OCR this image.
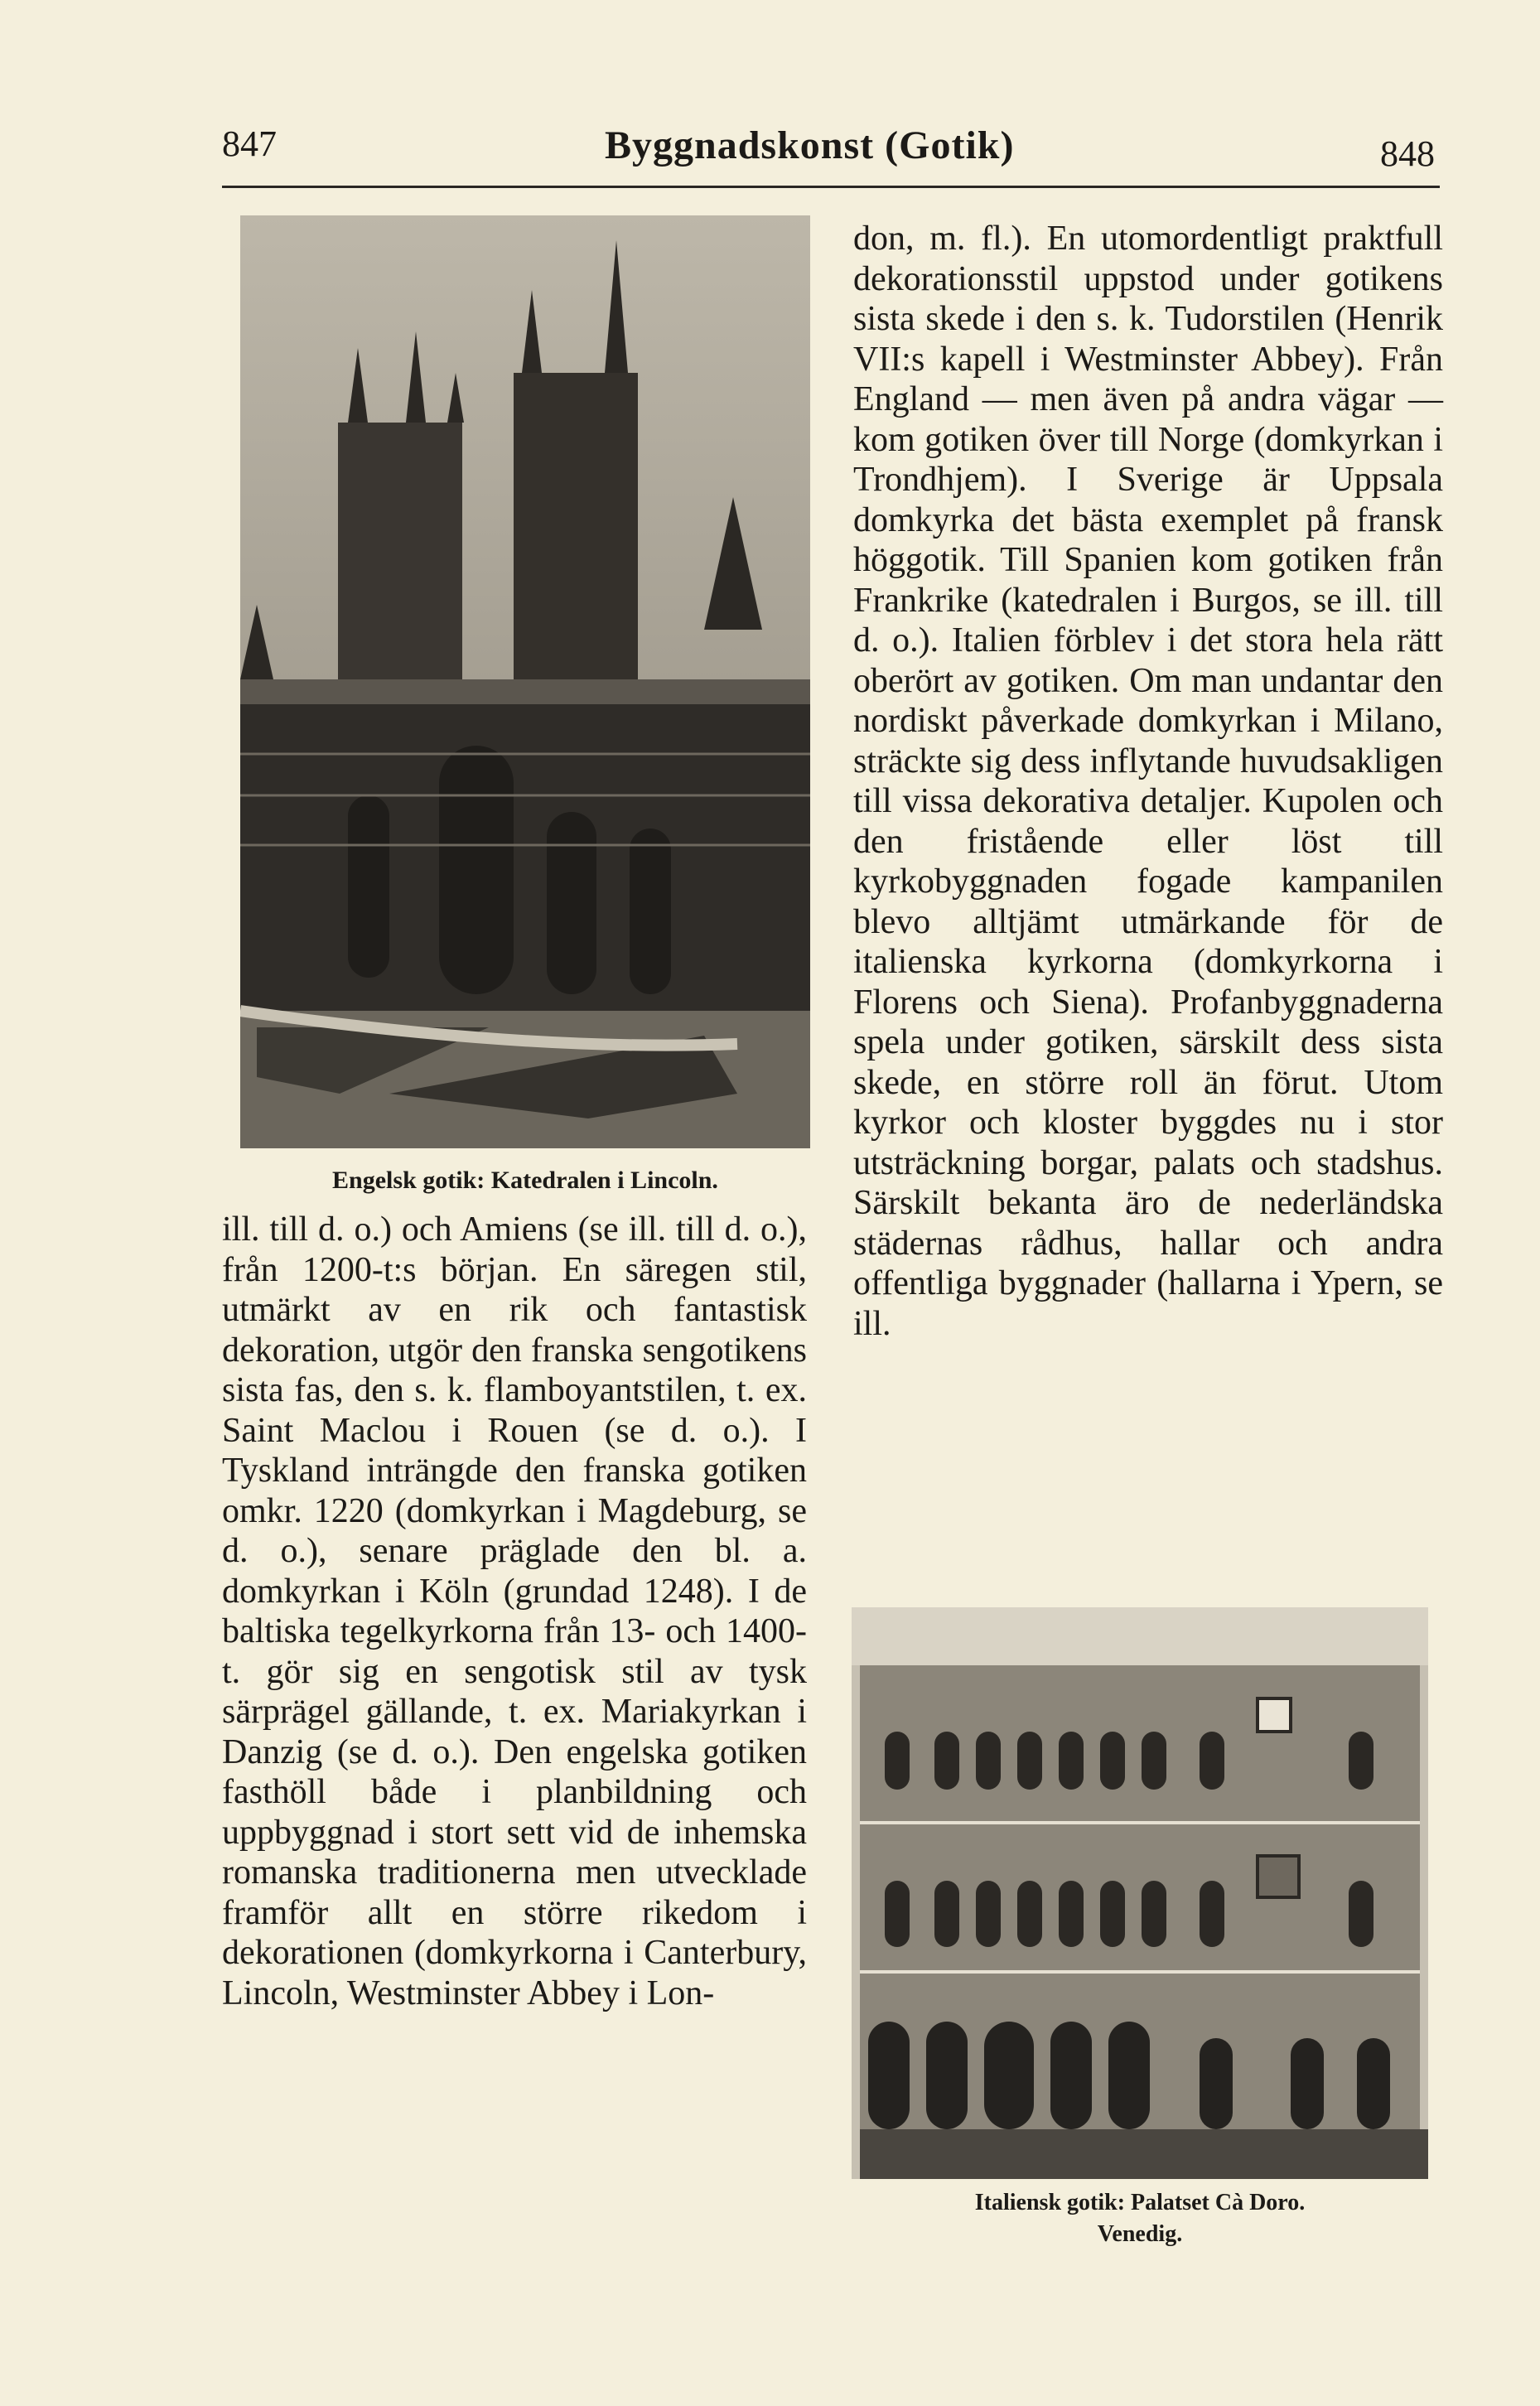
847	Byggnadskonst (Gotik)	848
Engelsk gotik: Katedralen i Lincoln.

ill. till d. o.) och Amiens (se ill. till d. o.), från 1200-t:s början. En säregen stil, utmärkt av en rik och fantastisk dekoration, utgör den franska sengotikens sista fas, den s. k. flamboyantstilen, t. ex. Saint Maclou i Rouen (se d. o.). I Tyskland inträngde den franska gotiken omkr. 1220 (domkyrkan i Magdeburg, se d. o.), senare präglade den bl. a. domkyrkan i Köln (grundad 1248). I de baltiska tegelkyrkorna från 13- och 1400-t. gör sig en sengotisk stil av tysk särprägel gällande, t. ex. Mariakyrkan i Danzig (se d. o.). Den engelska gotiken fasthöll både i planbildning och uppbyggnad i stort sett vid de inhemska romanska traditionerna men utvecklade framför allt en större rikedom i dekorationen (domkyrkorna i Canterbury, Lincoln, Westminster Abbey i Lon-

don, m. fl.). En utomordentligt praktfull dekorationsstil uppstod under gotikens sista skede i den s. k. Tudorstilen (Henrik VII:s kapell i Westminster Abbey). Från England — men även på andra vägar — kom gotiken över till Norge (domkyrkan i Trondhjem). I Sverige är Uppsala domkyrka det bästa exemplet på fransk höggotik. Till Spanien kom gotiken från Frankrike (katedralen i Burgos, se ill. till d. o.). Italien förblev i det stora hela rätt oberört av gotiken. Om man undantar den nordiskt påverkade domkyrkan i Milano, sträckte sig dess inflytande huvudsakligen till vissa dekorativa detaljer. Kupolen och den fristående eller löst till kyrkobyggnaden fogade kampanilen blevo alltjämt utmärkande för de italienska kyrkorna (domkyrkorna i Florens och Siena). Profanbyggnaderna spela under gotiken, särskilt dess sista skede, en större roll än förut. Utom kyrkor och kloster byggdes nu i stor utsträckning borgar, palats och stadshus. Särskilt bekanta äro de nederländska städernas rådhus, hallar och andra offentliga byggnader (hallarna i Ypern, se ill.

Italiensk gotik: Palatset Cà Doro.
Venedig.
